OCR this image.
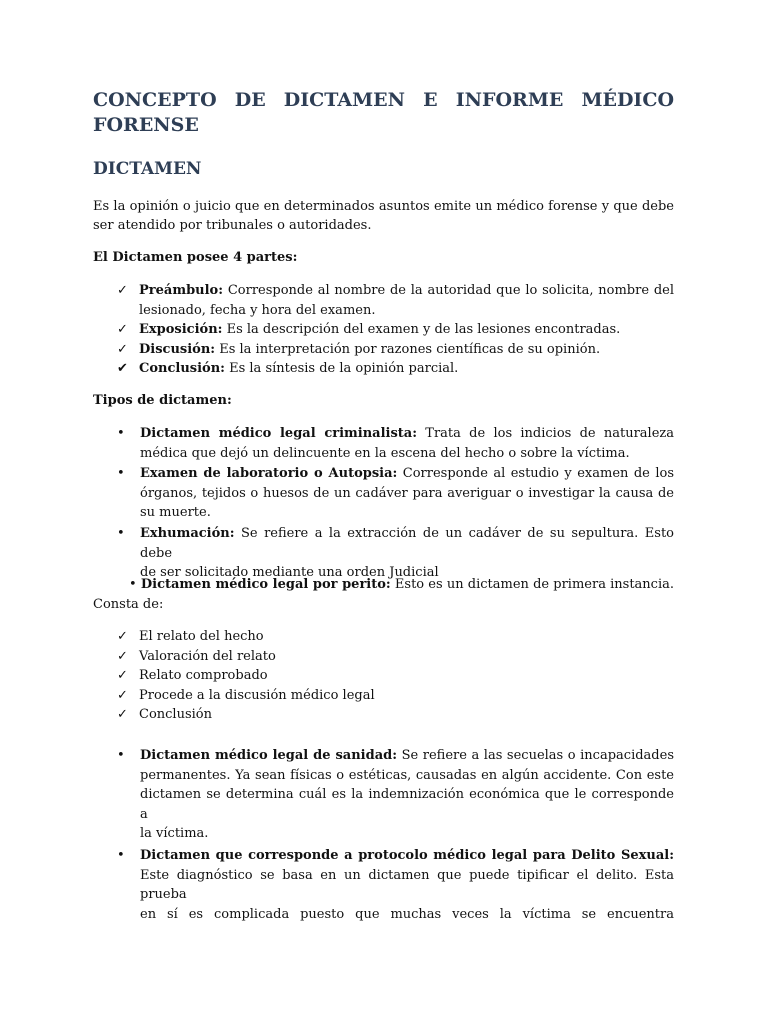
CONCEPTO DE DICTAMEN E INFORME MÉDICO
FORENSE
DICTAMEN
Es la opinión o juicio que en determinados asuntos emite un médico forense y que debe
ser atendido por tribunales o autoridades.
El Dictamen posee 4 partes:
✓ Preámbulo: Corresponde al nombre de la autoridad que lo solicita, nombre del
lesionado, fecha y hora del examen.
✓ Exposición: Es la descripción del examen y de las lesiones encontradas.
✓ Discusión: Es la interpretación por razones científicas de su opinión.
✔ Conclusión: Es la síntesis de la opinión parcial.
Tipos de dictamen:
•	Dictamen médico legal criminalista: Trata de los indicios de naturaleza
médica que dejó un delincuente en la escena del hecho o sobre la víctima.
•	Examen de laboratorio o Autopsia: Corresponde al estudio y examen de los
órganos, tejidos o huesos de un cadáver para averiguar o investigar la causa de
su muerte.
•	Exhumación: Se refiere a la extracción de un cadáver de su sepultura. Esto debe
de ser solicitado mediante una orden Judicial
• Dictamen médico legal por perito: Esto es un dictamen de primera instancia.
Consta de:
✓ El relato del hecho
✓ Valoración del relato
✓ Relato comprobado
✓ Procede a la discusión médico legal
✓ Conclusión
•	Dictamen médico legal de sanidad: Se refiere a las secuelas o incapacidades
permanentes. Ya sean físicas o estéticas, causadas en algún accidente. Con este
dictamen se determina cuál es la indemnización económica que le corresponde a
la víctima.
•	Dictamen que corresponde a protocolo médico legal para Delito Sexual:
Este diagnóstico se basa en un dictamen que puede tipificar el delito. Esta prueba
en sí es complicada puesto que muchas veces la víctima se encuentra
